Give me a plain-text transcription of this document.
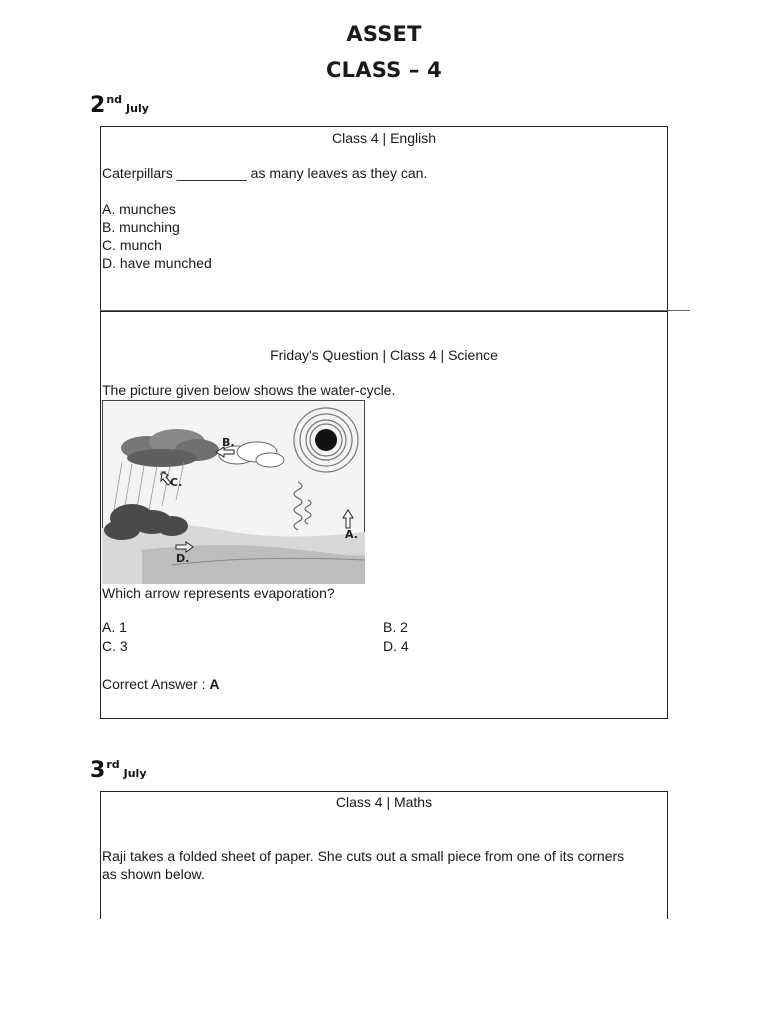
ASSET
CLASS – 4
2ndJuly
Class 4 | English
Caterpillars _________ as many leaves as they can.
A. munches
B. munching
C. munch
D. have munched
Friday's Question | Class 4 | Science
The picture given below shows the water-cycle.
B.
C.
D.
A.
Which arrow represents evaporation?
A. 1	B. 2
C. 3	D. 4
Correct Answer : A
3rdJuly
Class 4 | Maths
Raji takes a folded sheet of paper. She cuts out a small piece from one of its corners
as shown below.
